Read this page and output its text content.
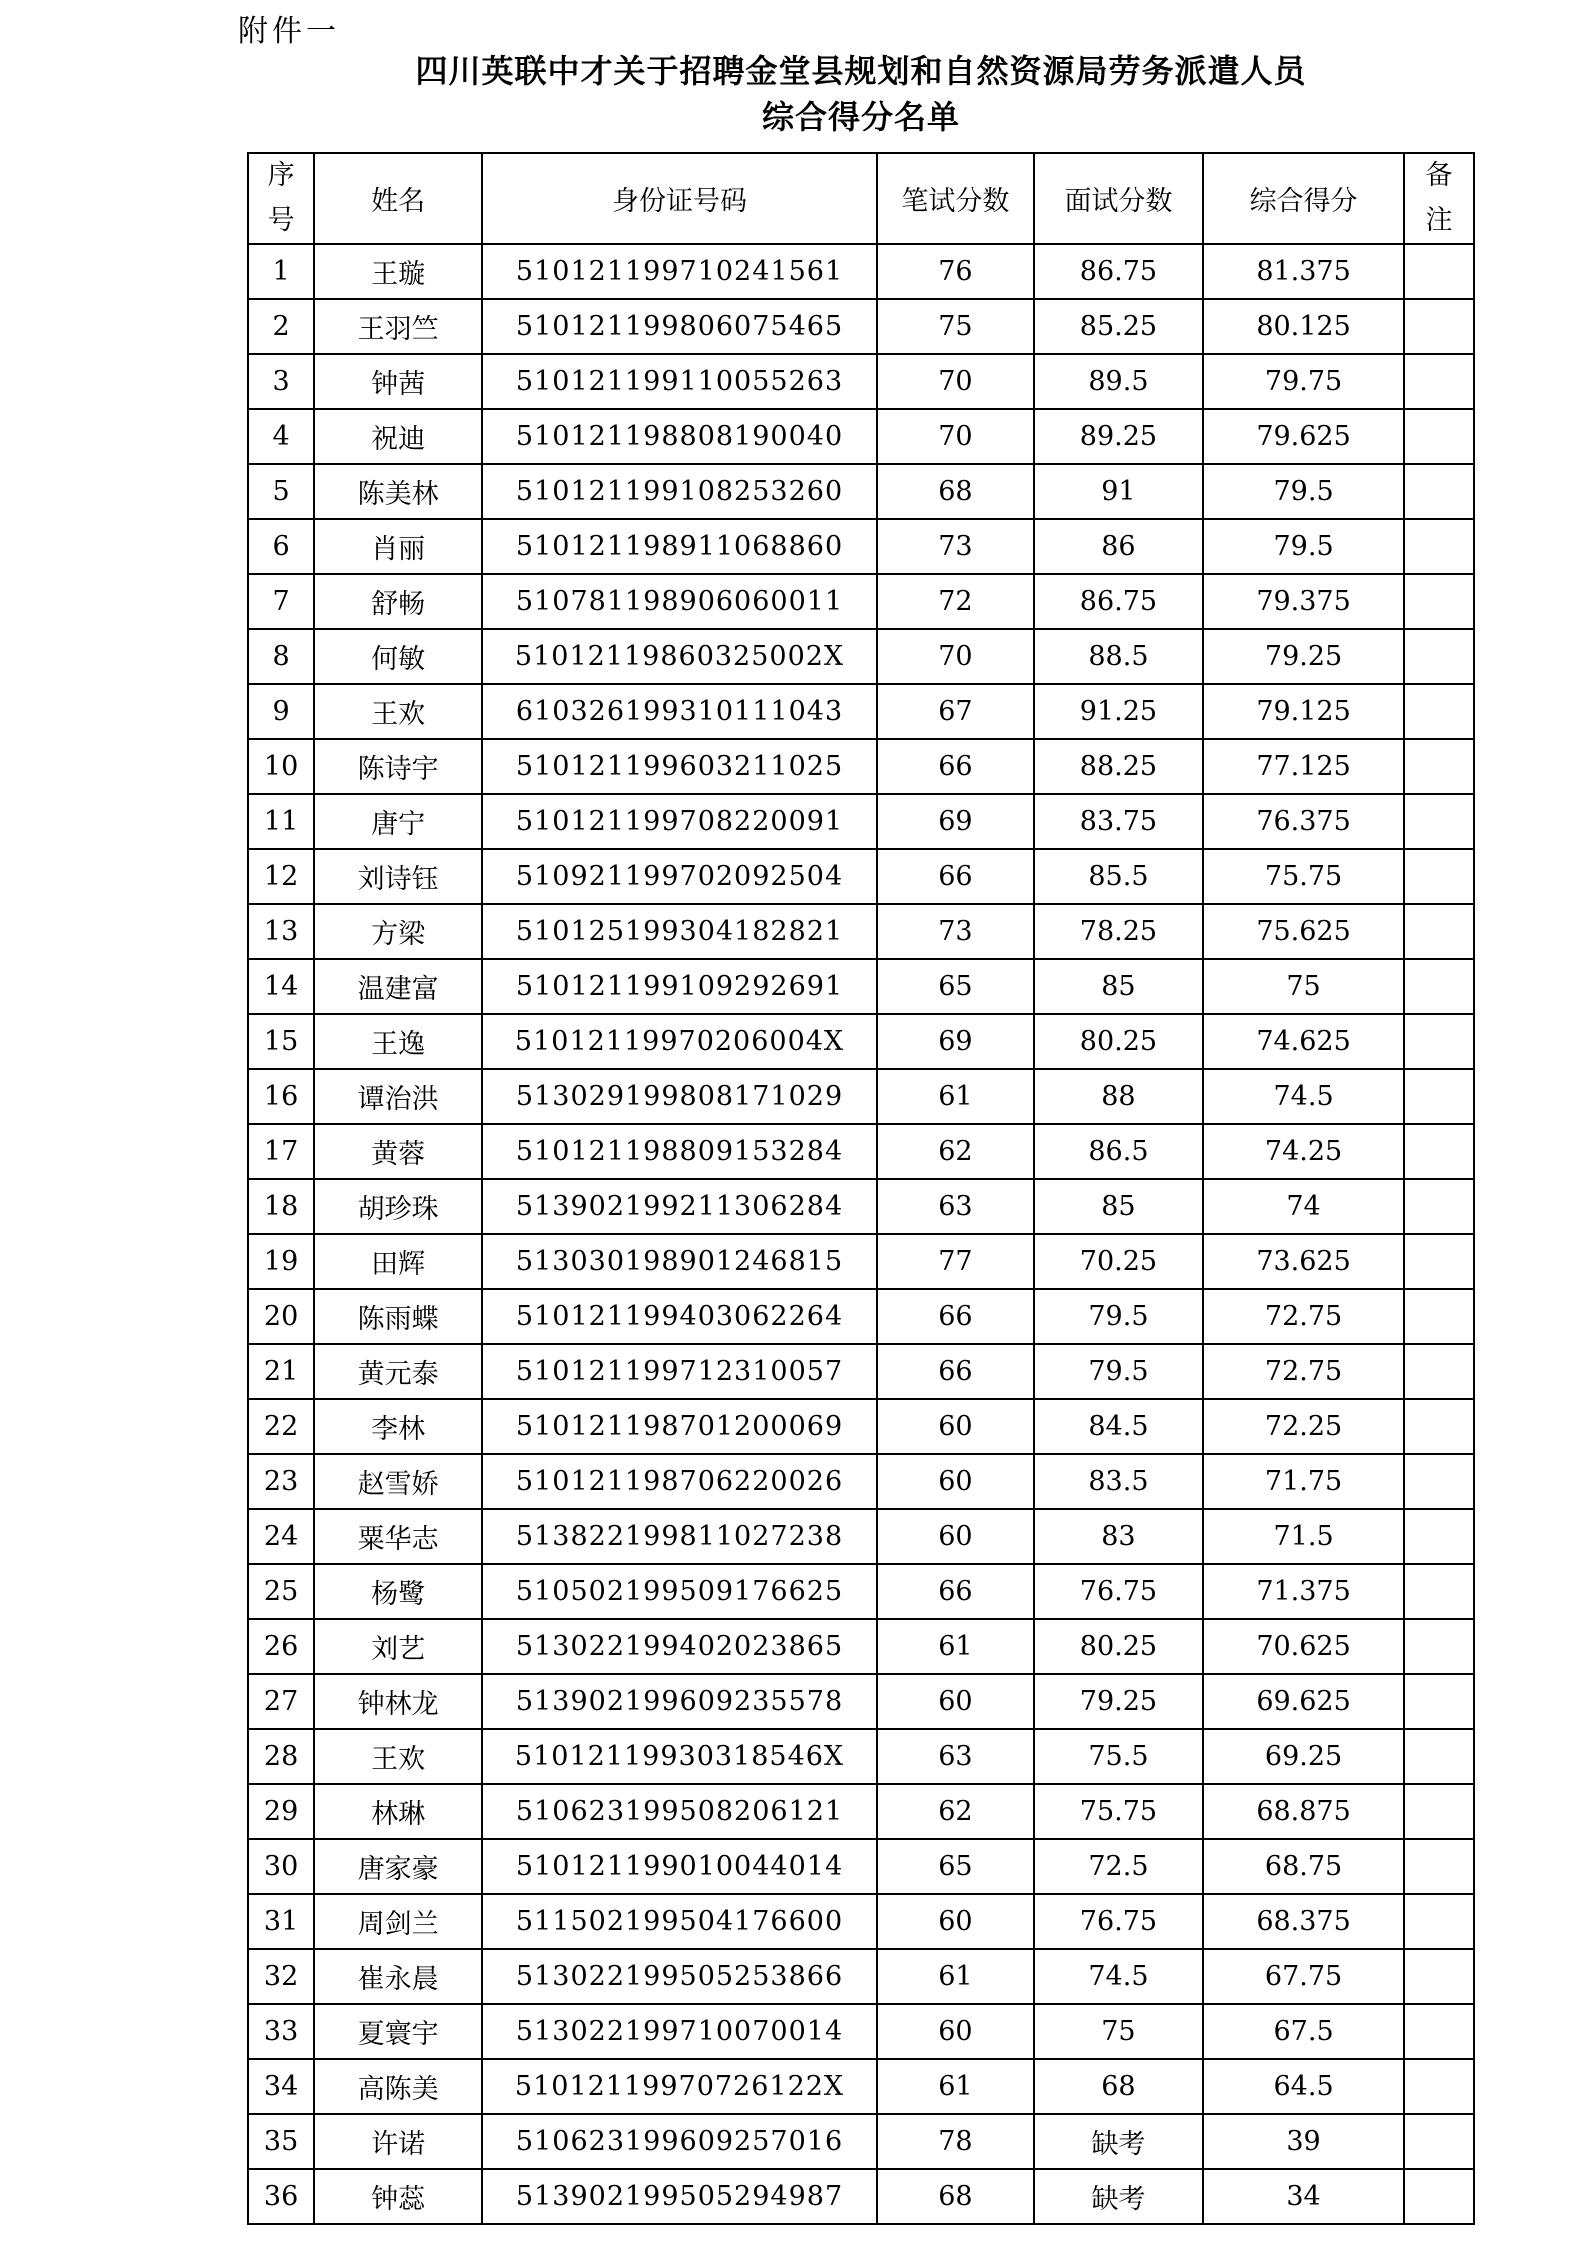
附件一
四川英联中才关于招聘金堂县规划和自然资源局劳务派遣人员
综合得分名单
序号	姓名	身份证号码	笔试分数	面试分数	综合得分	备注
1	王璇	510121199710241561	76	86.75	81.375	
2	王羽竺	510121199806075465	75	85.25	80.125	
3	钟茜	510121199110055263	70	89.5	79.75	
4	祝迪	510121198808190040	70	89.25	79.625	
5	陈美林	510121199108253260	68	91	79.5	
6	肖丽	510121198911068860	73	86	79.5	
7	舒畅	510781198906060011	72	86.75	79.375	
8	何敏	51012119860325002X	70	88.5	79.25	
9	王欢	610326199310111043	67	91.25	79.125	
10	陈诗宇	510121199603211025	66	88.25	77.125	
11	唐宁	510121199708220091	69	83.75	76.375	
12	刘诗钰	510921199702092504	66	85.5	75.75	
13	方梁	510125199304182821	73	78.25	75.625	
14	温建富	510121199109292691	65	85	75	
15	王逸	51012119970206004X	69	80.25	74.625	
16	谭治洪	513029199808171029	61	88	74.5	
17	黄蓉	510121198809153284	62	86.5	74.25	
18	胡珍珠	513902199211306284	63	85	74	
19	田辉	513030198901246815	77	70.25	73.625	
20	陈雨蝶	510121199403062264	66	79.5	72.75	
21	黄元泰	510121199712310057	66	79.5	72.75	
22	李林	510121198701200069	60	84.5	72.25	
23	赵雪娇	510121198706220026	60	83.5	71.75	
24	粟华志	513822199811027238	60	83	71.5	
25	杨鹭	510502199509176625	66	76.75	71.375	
26	刘艺	513022199402023865	61	80.25	70.625	
27	钟林龙	513902199609235578	60	79.25	69.625	
28	王欢	51012119930318546X	63	75.5	69.25	
29	林琳	510623199508206121	62	75.75	68.875	
30	唐家豪	510121199010044014	65	72.5	68.75	
31	周剑兰	511502199504176600	60	76.75	68.375	
32	崔永晨	513022199505253866	61	74.5	67.75	
33	夏寰宇	513022199710070014	60	75	67.5	
34	高陈美	51012119970726122X	61	68	64.5	
35	许诺	510623199609257016	78	缺考	39	
36	钟蕊	513902199505294987	68	缺考	34	
